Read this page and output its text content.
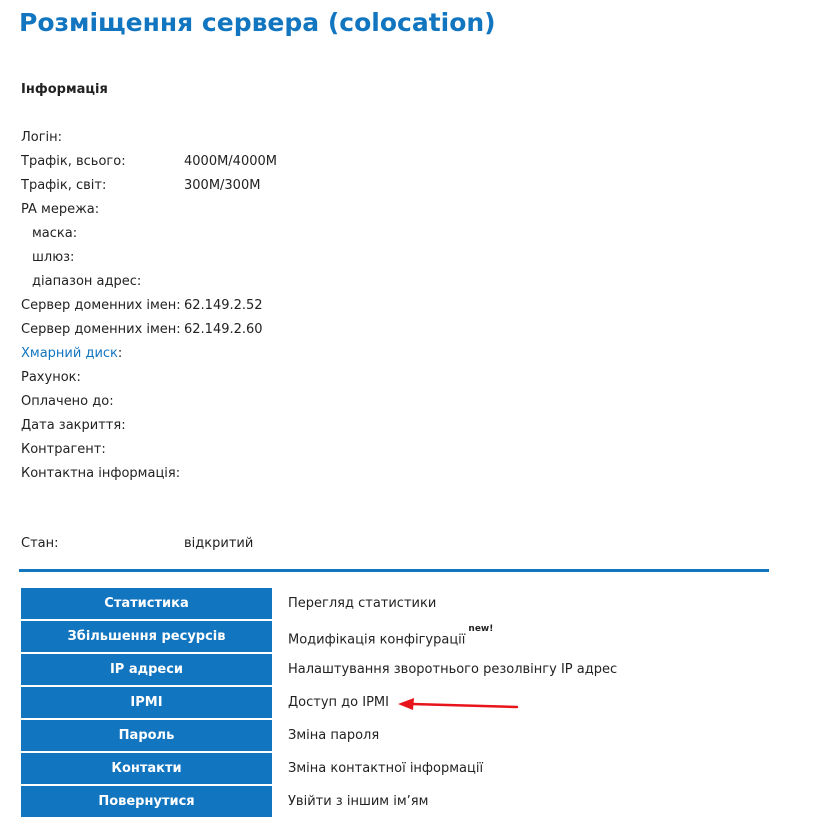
Розміщення сервера (colocation)
Інформація
Логін:
Трафік, всього:	4000M/4000M
Трафік, світ:	300M/300M
PA мережа:
маска:
шлюз:
діапазон адрес:
Сервер доменних імен: 62.149.2.52
Сервер доменних імен: 62.149.2.60
Хмарний диск:
Рахунок:
Оплачено до:
Дата закриття:
Контрагент:
Контактна інформація:
Стан:	відкритий
Статистика	Перегляд статистики
Збільшення ресурсів	Модифікація конфігурації$^{new!}$
IP адреси	Налаштування зворотнього резолвінгу IP адрес
IPMI	Доступ до IPMI
Пароль	Зміна пароля
Контакти	Зміна контактної інформації
Повернутися	Увійти з іншим ім’ям
